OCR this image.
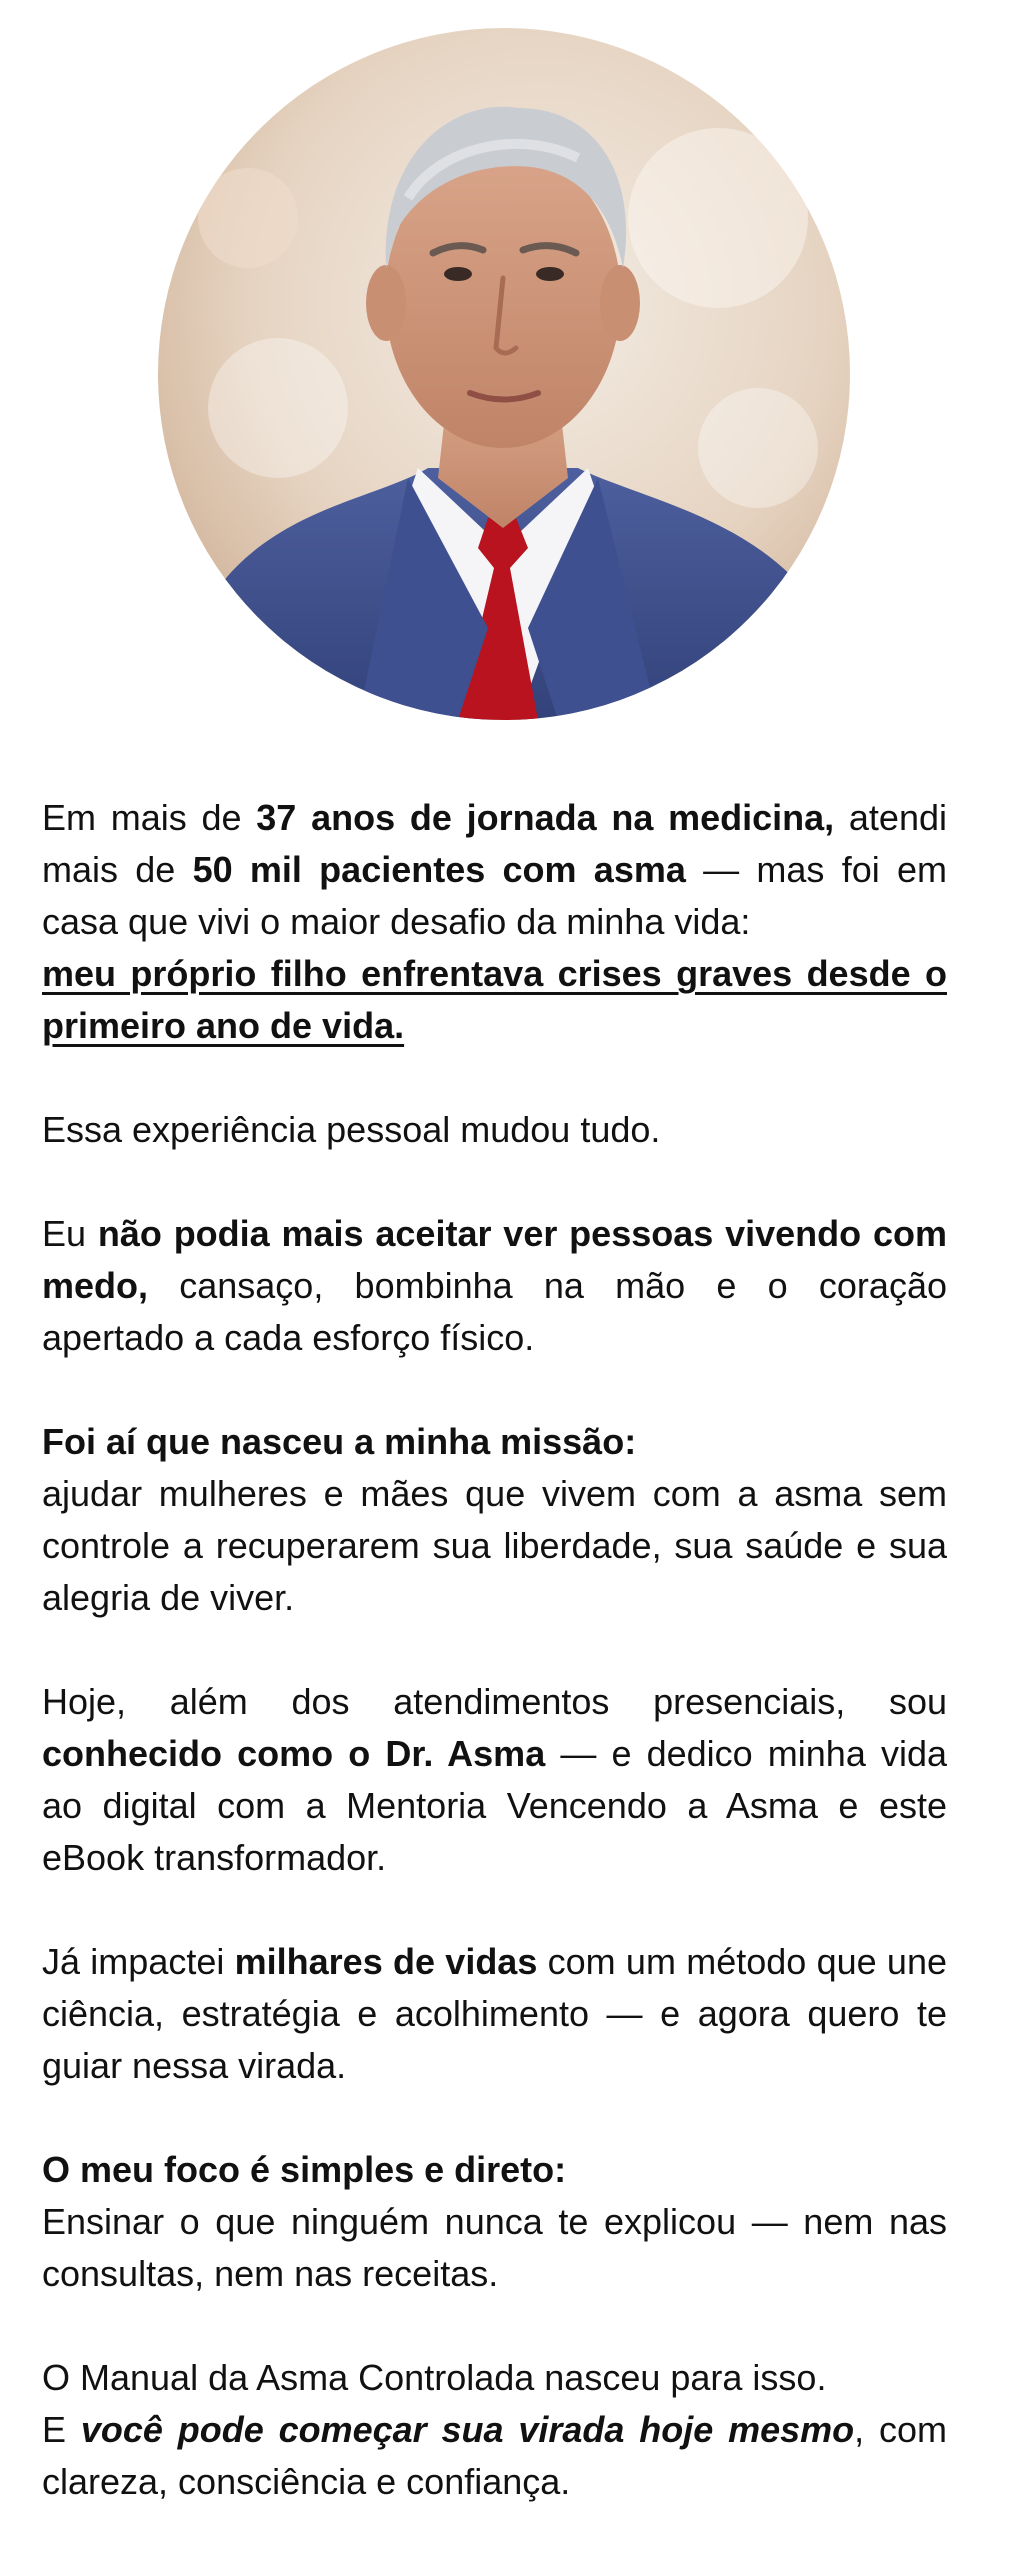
Em mais de 37 anos de jornada na medicina, atendi mais de 50 mil pacientes com asma — mas foi em casa que vivi o maior desafio da minha vida:
meu próprio filho enfrentava crises graves desde o primeiro ano de vida.

Essa experiência pessoal mudou tudo.

Eu não podia mais aceitar ver pessoas vivendo com medo, cansaço, bombinha na mão e o coração apertado a cada esforço físico.

Foi aí que nasceu a minha missão:
ajudar mulheres e mães que vivem com a asma sem controle a recuperarem sua liberdade, sua saúde e sua alegria de viver.

Hoje, além dos atendimentos presenciais, sou conhecido como o Dr. Asma — e dedico minha vida ao digital com a Mentoria Vencendo a Asma e este eBook transformador.

Já impactei milhares de vidas com um método que une ciência, estratégia e acolhimento — e agora quero te guiar nessa virada.

O meu foco é simples e direto:
Ensinar o que ninguém nunca te explicou — nem nas consultas, nem nas receitas.

O Manual da Asma Controlada nasceu para isso.
E você pode começar sua virada hoje mesmo, com clareza, consciência e confiança.
